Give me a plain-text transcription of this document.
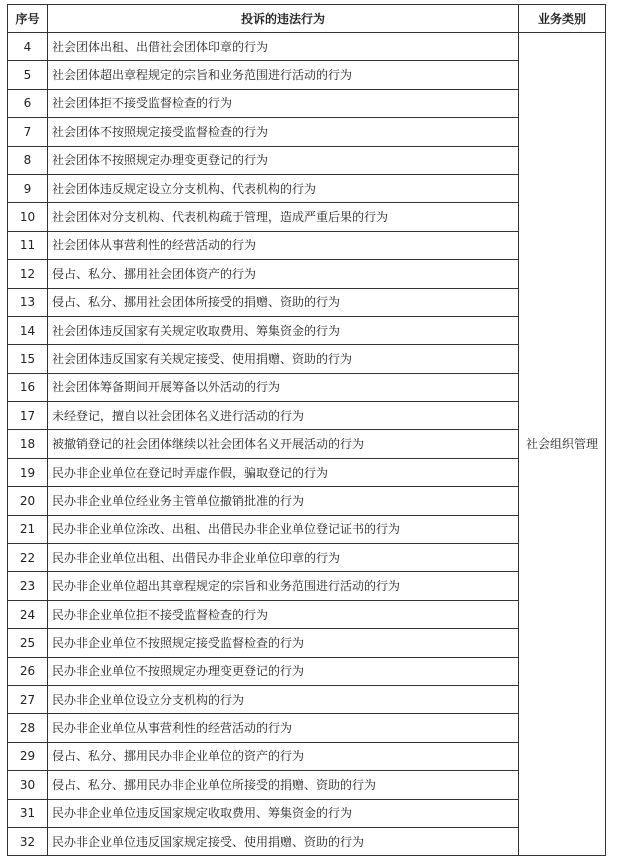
序号	投诉的违法行为	业务类别
4	社会团体出租、出借社会团体印章的行为	社会组织管理
5	社会团体超出章程规定的宗旨和业务范围进行活动的行为	
6	社会团体拒不接受监督检查的行为	
7	社会团体不按照规定接受监督检查的行为	
8	社会团体不按照规定办理变更登记的行为	
9	社会团体违反规定设立分支机构、代表机构的行为	
10	社会团体对分支机构、代表机构疏于管理，造成严重后果的行为	
11	社会团体从事营利性的经营活动的行为	
12	侵占、私分、挪用社会团体资产的行为	
13	侵占、私分、挪用社会团体所接受的捐赠、资助的行为	
14	社会团体违反国家有关规定收取费用、筹集资金的行为	
15	社会团体违反国家有关规定接受、使用捐赠、资助的行为	
16	社会团体筹备期间开展筹备以外活动的行为	
17	未经登记，擅自以社会团体名义进行活动的行为	
18	被撤销登记的社会团体继续以社会团体名义开展活动的行为	
19	民办非企业单位在登记时弄虚作假，骗取登记的行为	
20	民办非企业单位经业务主管单位撤销批准的行为	
21	民办非企业单位涂改、出租、出借民办非企业单位登记证书的行为	
22	民办非企业单位出租、出借民办非企业单位印章的行为	
23	民办非企业单位超出其章程规定的宗旨和业务范围进行活动的行为	
24	民办非企业单位拒不接受监督检查的行为	
25	民办非企业单位不按照规定接受监督检查的行为	
26	民办非企业单位不按照规定办理变更登记的行为	
27	民办非企业单位设立分支机构的行为	
28	民办非企业单位从事营利性的经营活动的行为	
29	侵占、私分、挪用民办非企业单位的资产的行为	
30	侵占、私分、挪用民办非企业单位所接受的捐赠、资助的行为	
31	民办非企业单位违反国家规定收取费用、筹集资金的行为	
32	民办非企业单位违反国家规定接受、使用捐赠、资助的行为	
